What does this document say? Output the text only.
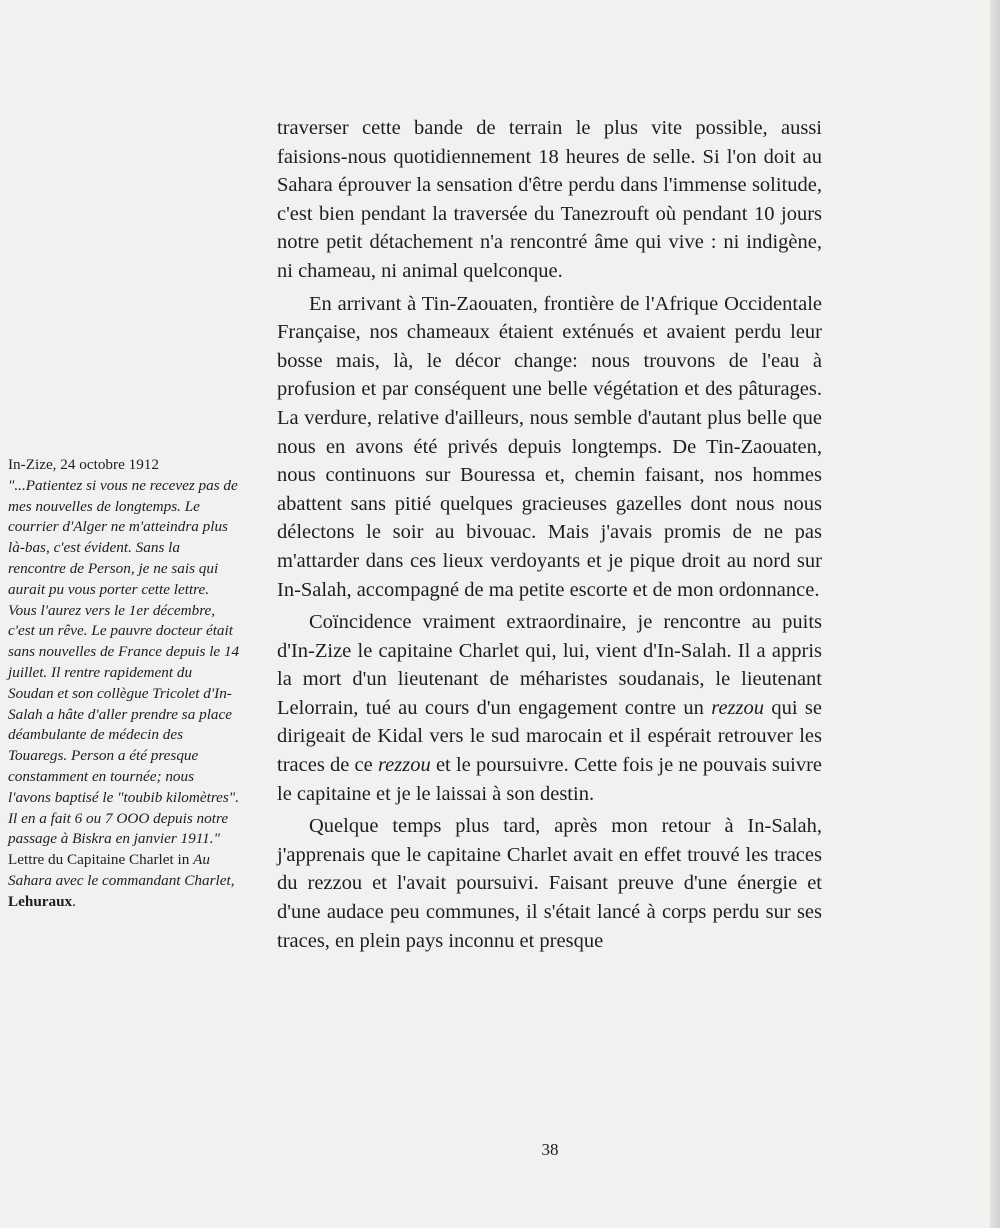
In-Zize, 24 octobre 1912
"...Patientez si vous ne recevez pas de mes nouvelles de longtemps. Le courrier d'Alger ne m'atteindra plus là-bas, c'est évident. Sans la rencontre de Person, je ne sais qui aurait pu vous porter cette lettre. Vous l'aurez vers le 1er décembre, c'est un rêve. Le pauvre docteur était sans nouvelles de France depuis le 14 juillet. Il rentre rapidement du Soudan et son collègue Tricolet d'In-Salah a hâte d'aller prendre sa place déambulante de médecin des Touaregs. Person a été presque constamment en tournée; nous l'avons baptisé le "toubib kilomètres". Il en a fait 6 ou 7 OOO depuis notre passage à Biskra en janvier 1911."
Lettre du Capitaine Charlet in Au Sahara avec le commandant Charlet,
Lehuraux.

traverser cette bande de terrain le plus vite possible, aussi faisions-nous quotidiennement 18 heures de selle. Si l'on doit au Sahara éprouver la sensation d'être perdu dans l'immense solitude, c'est bien pendant la traversée du Tanezrouft où pendant 10 jours notre petit détachement n'a rencontré âme qui vive : ni indigène, ni chameau, ni animal quelconque.

En arrivant à Tin-Zaouaten, frontière de l'Afrique Occidentale Française, nos chameaux étaient exténués et avaient perdu leur bosse mais, là, le décor change: nous trouvons de l'eau à profusion et par conséquent une belle végétation et des pâturages. La verdure, relative d'ailleurs, nous semble d'autant plus belle que nous en avons été privés depuis longtemps. De Tin-Zaouaten, nous continuons sur Bouressa et, chemin faisant, nos hommes abattent sans pitié quelques gracieuses gazelles dont nous nous délectons le soir au bivouac. Mais j'avais promis de ne pas m'attarder dans ces lieux verdoyants et je pique droit au nord sur In-Salah, accompagné de ma petite escorte et de mon ordonnance.

Coïncidence vraiment extraordinaire, je rencontre au puits d'In-Zize le capitaine Charlet qui, lui, vient d'In-Salah. Il a appris la mort d'un lieutenant de méharistes soudanais, le lieutenant Lelorrain, tué au cours d'un engagement contre un rezzou qui se dirigeait de Kidal vers le sud marocain et il espérait retrouver les traces de ce rezzou et le poursuivre. Cette fois je ne pouvais suivre le capitaine et je le laissai à son destin.

Quelque temps plus tard, après mon retour à In-Salah, j'apprenais que le capitaine Charlet avait en effet trouvé les traces du rezzou et l'avait poursuivi. Faisant preuve d'une énergie et d'une audace peu communes, il s'était lancé à corps perdu sur ses traces, en plein pays inconnu et presque

38
